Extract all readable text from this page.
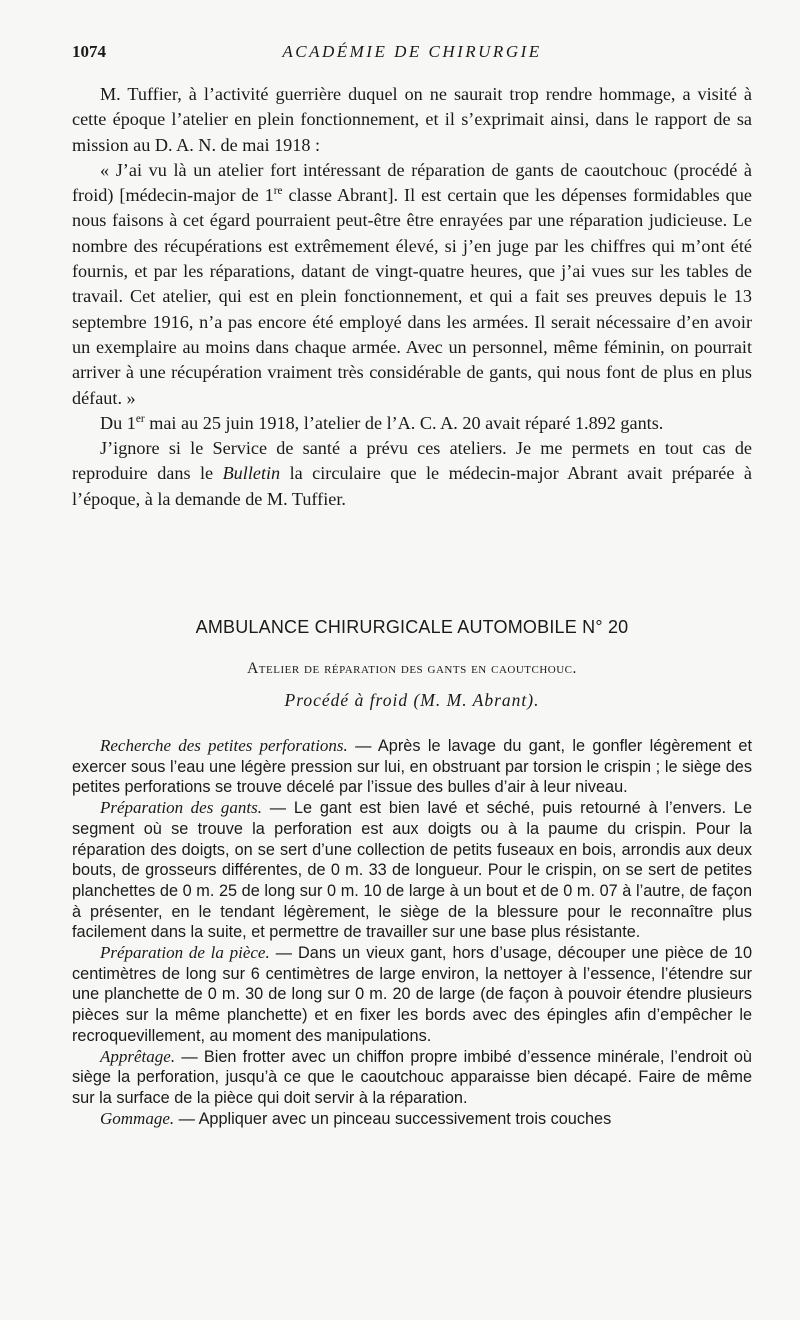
1074	ACADÉMIE DE CHIRURGIE

M. Tuffier, à l’activité guerrière duquel on ne saurait trop rendre hommage, a visité à cette époque l’atelier en plein fonctionnement, et il s’exprimait ainsi, dans le rapport de sa mission au D. A. N. de mai 1918 :

« J’ai vu là un atelier fort intéressant de réparation de gants de caoutchouc (procédé à froid) [médecin-major de 1re classe Abrant]. Il est certain que les dépenses formidables que nous faisons à cet égard pourraient peut-être être enrayées par une réparation judicieuse. Le nombre des récupérations est extrêmement élevé, si j’en juge par les chiffres qui m’ont été fournis, et par les réparations, datant de vingt-quatre heures, que j’ai vues sur les tables de travail. Cet atelier, qui est en plein fonctionnement, et qui a fait ses preuves depuis le 13 septembre 1916, n’a pas encore été employé dans les armées. Il serait nécessaire d’en avoir un exemplaire au moins dans chaque armée. Avec un personnel, même féminin, on pourrait arriver à une récupération vraiment très considérable de gants, qui nous font de plus en plus défaut. »

Du 1er mai au 25 juin 1918, l’atelier de l’A. C. A. 20 avait réparé 1.892 gants.

J’ignore si le Service de santé a prévu ces ateliers. Je me permets en tout cas de reproduire dans le Bulletin la circulaire que le médecin-major Abrant avait préparée à l’époque, à la demande de M. Tuffier.

AMBULANCE CHIRURGICALE AUTOMOBILE N° 20
Atelier de réparation des gants en caoutchouc.
Procédé à froid (M. M. Abrant).

Recherche des petites perforations. — Après le lavage du gant, le gonfler légèrement et exercer sous l’eau une légère pression sur lui, en obstruant par torsion le crispin ; le siège des petites perforations se trouve décelé par l’issue des bulles d’air à leur niveau.

Préparation des gants. — Le gant est bien lavé et séché, puis retourné à l’envers. Le segment où se trouve la perforation est aux doigts ou à la paume du crispin. Pour la réparation des doigts, on se sert d’une collection de petits fuseaux en bois, arrondis aux deux bouts, de grosseurs différentes, de 0 m. 33 de longueur. Pour le crispin, on se sert de petites planchettes de 0 m. 25 de long sur 0 m. 10 de large à un bout et de 0 m. 07 à l’autre, de façon à présenter, en le tendant légèrement, le siège de la blessure pour le reconnaître plus facilement dans la suite, et permettre de travailler sur une base plus résistante.

Préparation de la pièce. — Dans un vieux gant, hors d’usage, découper une pièce de 10 centimètres de long sur 6 centimètres de large environ, la nettoyer à l’essence, l’étendre sur une planchette de 0 m. 30 de long sur 0 m. 20 de large (de façon à pouvoir étendre plusieurs pièces sur la même planchette) et en fixer les bords avec des épingles afin d’empêcher le recroquevillement, au moment des manipulations.

Apprêtage. — Bien frotter avec un chiffon propre imbibé d’essence minérale, l’endroit où siège la perforation, jusqu’à ce que le caoutchouc apparaisse bien décapé. Faire de même sur la surface de la pièce qui doit servir à la réparation.

Gommage. — Appliquer avec un pinceau successivement trois couches
